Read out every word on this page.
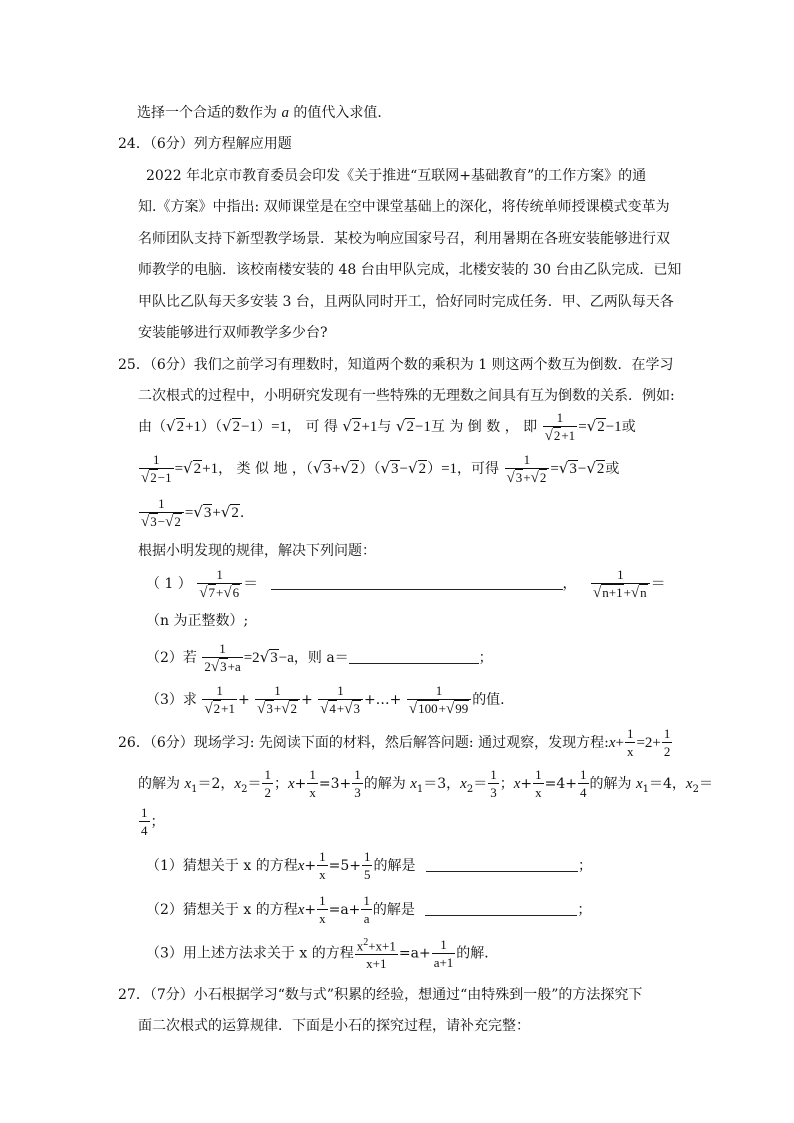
选择一个合适的数作为 a 的值代入求值．
24．（6分）列方程解应用题
2022 年北京市教育委员会印发《关于推进“互联网+基础教育”的工作方案》的通
知.《方案》中指出: 双师课堂是在空中课堂基础上的深化，将传统单师授课模式变革为
名师团队支持下新型教学场景．某校为响应国家号召，利用暑期在各班安装能够进行双
师教学的电脑．该校南楼安装的 48 台由甲队完成，北楼安装的 30 台由乙队完成．已知
甲队比乙队每天多安装 3 台，且两队同时开工，恰好同时完成任务．甲、乙两队每天各
安装能够进行双师教学多少台?
25．（6分）我们之前学习有理数时，知道两个数的乘积为 1 则这两个数互为倒数．在学习
二次根式的过程中，小明研究发现有一些特殊的无理数之间具有互为倒数的关系．例如:
由（√2+1）（√2−1）=1， 可 得 √2+1与 √2−1互 为 倒 数 ， 即 $\frac{1}{√2+1} =√2-1$或
$\frac{1}{√2-1} =√2+1$， 类 似 地 ，（√3+√2）（√3−√2）=1，可得 $\frac{1}{√3+√2} =√3-√2$或
$\frac{1}{√3-√2} =√3+√2$.
根据小明发现的规律，解决下列问题：
（ 1 ） $\frac{1}{√7+√6}$ ＝	， $\frac{1}{√n+1+√n}$ ＝
（n 为正整数）;
（2）若 $\frac{1}{2√3+a} =2√3-a$，则 a＝	；
（3）求 $\frac{1}{√2+1} + \frac{1}{√3+√2} + \frac{1}{√4+√3}$ +…+ $\frac{1}{√100+√99}$ 的值.
26．（6分）现场学习: 先阅读下面的材料，然后解答问题: 通过观察，发现方程:x+ $\frac{1}{x} =2+ \frac{1}{2}$
的解为 $x_1=2$，$x_2= \frac{1}{2}$ ；$x+ \frac{1}{x} =3+ \frac{1}{3}$ 的解为 $x_1=3$，$x_2= \frac{1}{3}$ ；$x+ \frac{1}{x} =4+ \frac{1}{4}$ 的解为 $x_1=4$，$x_2=$
$\frac{1}{4}$ ；
（1）猜想关于 x 的方程$x+ \frac{1}{x} =5+ \frac{1}{5}$ 的解是	；
（2）猜想关于 x 的方程$x+ \frac{1}{x} =a+ \frac{1}{a}$ 的解是	；
（3）用上述方法求关于 x 的方程 $\frac{x^2+x+1}{x+1} =a+ \frac{1}{a+1}$ 的解．
27．（7分）小石根据学习“数与式”积累的经验，想通过“由特殊到一般”的方法探究下
面二次根式的运算规律．下面是小石的探究过程，请补充完整：
